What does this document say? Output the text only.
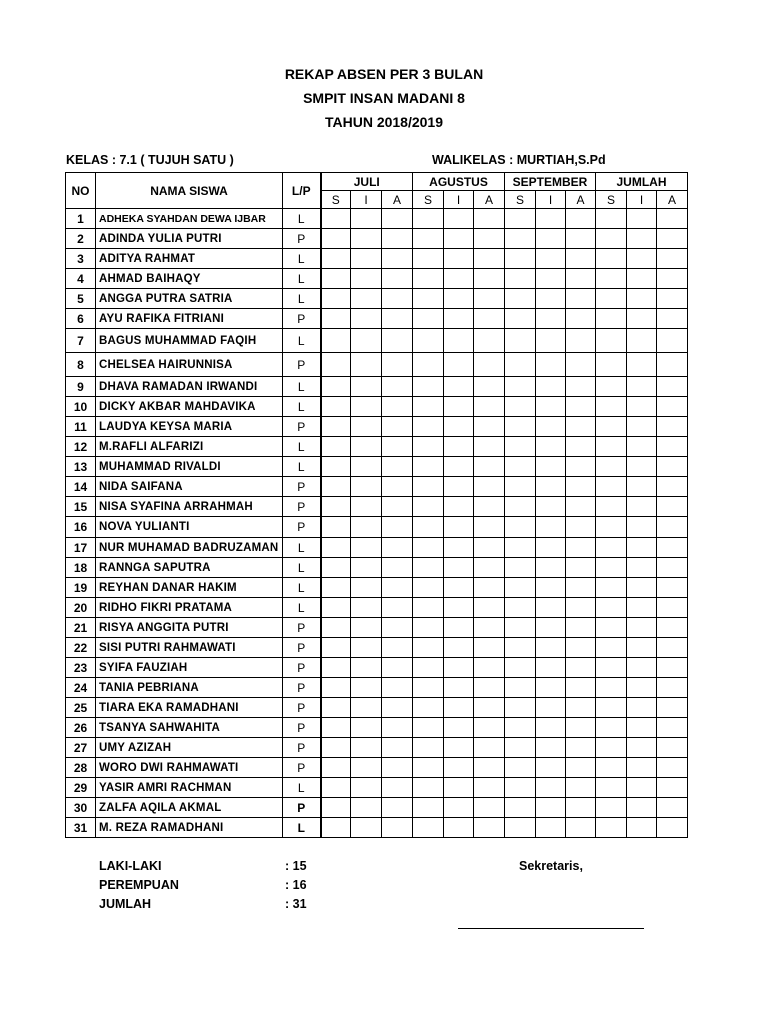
REKAP ABSEN PER 3 BULAN
SMPIT INSAN MADANI 8
TAHUN 2018/2019
KELAS : 7.1 ( TUJUH SATU )	WALIKELAS : MURTIAH,S.Pd
NO	NAMA SISWA	L/P	JULI			AGUSTUS			SEPTEMBER			JUMLAH		
			S	I	A	S	I	A	S	I	A	S	I	A
1	ADHEKA SYAHDAN DEWA IJBAR	L												
2	ADINDA YULIA PUTRI	P												
3	ADITYA RAHMAT	L												
4	AHMAD BAIHAQY	L												
5	ANGGA PUTRA SATRIA	L												
6	AYU RAFIKA FITRIANI	P												
7	BAGUS MUHAMMAD FAQIH	L												
8	CHELSEA HAIRUNNISA	P												
9	DHAVA RAMADAN IRWANDI	L												
10	DICKY AKBAR MAHDAVIKA	L												
11	LAUDYA KEYSA MARIA	P												
12	M.RAFLI ALFARIZI	L												
13	MUHAMMAD RIVALDI	L												
14	NIDA SAIFANA	P												
15	NISA SYAFINA ARRAHMAH	P												
16	NOVA YULIANTI	P												
17	NUR MUHAMAD BADRUZAMAN	L												
18	RANNGA SAPUTRA	L												
19	REYHAN DANAR HAKIM	L												
20	RIDHO FIKRI PRATAMA	L												
21	RISYA ANGGITA PUTRI	P												
22	SISI PUTRI RAHMAWATI	P												
23	SYIFA FAUZIAH	P												
24	TANIA PEBRIANA	P												
25	TIARA EKA RAMADHANI	P												
26	TSANYA SAHWAHITA	P												
27	UMY AZIZAH	P												
28	WORO DWI RAHMAWATI	P												
29	YASIR AMRI RACHMAN	L												
30	ZALFA AQILA AKMAL	P												
31	M. REZA RAMADHANI	L												
LAKI-LAKI	: 15
PEREMPUAN	: 16
JUMLAH	: 31
Sekretaris,
